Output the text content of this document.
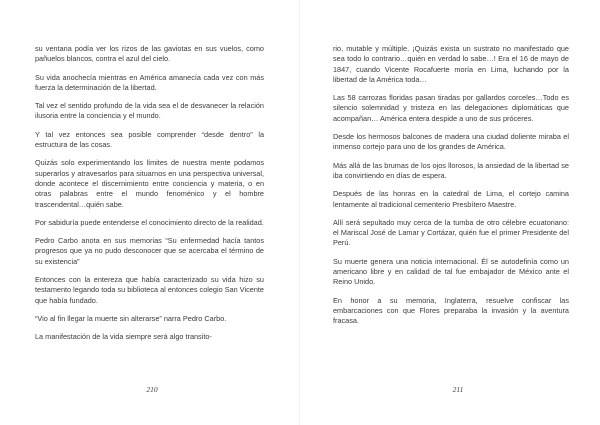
su ventana podía ver los rizos de las gaviotas en sus vuelos, como pañuelos blancos, contra el azul del cielo.

Su vida anochecía mientras en América amanecía cada vez con más fuerza la determinación de la libertad.

Tal vez el sentido profundo de la vida sea el de desvanecer la relación ilusoria entre la conciencia y el mundo.

Y tal vez entonces sea posible comprender “desde dentro” la estructura de las cosas.

Quizás solo experimentando los límites de nuestra mente podamos superarlos y atravesarlos para situarnos en una perspectiva universal, donde acontece el discernimiento entre conciencia y materia, o en otras palabras entre el mundo fenoménico y el hombre trascendental…quién sabe.

Por sabiduría puede entenderse el conocimiento directo de la realidad.

Pedro Carbo anota en sus memorias “Su enfermedad hacía tantos progresos que ya no pudo desconocer que se acercaba el término de su existencia”

Entonces con la entereza que había caracterizado su vida hizo su testamento legando toda su biblioteca al entonces colegio San Vicente que había fundado.

“Vio al fin llegar la muerte sin alterarse” narra Pedro Carbo.

La manifestación de la vida siempre será algo transito-

210

rio, mutable y múltiple. ¡Quizás exista un sustrato no manifestado que sea todo lo contrario…quién en verdad lo sabe…! Era el 16 de mayo de 1847, cuando Vicente Rocafuerte moría en Lima, luchando por la libertad de la América toda…

Las 58 carrozas floridas pasan tiradas por gallardos corceles…Todo es silencio solemnidad y tristeza en las delegaciones diplomáticas que acompañan… América entera despide a uno de sus próceres.

Desde los hermosos balcones de madera una ciudad doliente miraba el inmenso cortejo para uno de los grandes de América.

Más allá de las brumas de los ojos llorosos, la ansiedad de la libertad se iba convirtiendo en días de espera.

Después de las honras en la catedral de Lima, el cortejo camina lentamente al tradicional cementerio Presbítero Maestre.

Allí será sepultado muy cerca de la tumba de otro célebre ecuatoriano: el Mariscal José de Lamar y Cortázar, quién fue el primer Presidente del Perú.

Su muerte genera una noticia internacional. Él se autodefinía como un americano libre y en calidad de tal fue embajador de México ante el Reino Unido.

En honor a su memoria, Inglaterra, resuelve confiscar las embarcaciones con que Flores preparaba la invasión y la aventura fracasa.

211
